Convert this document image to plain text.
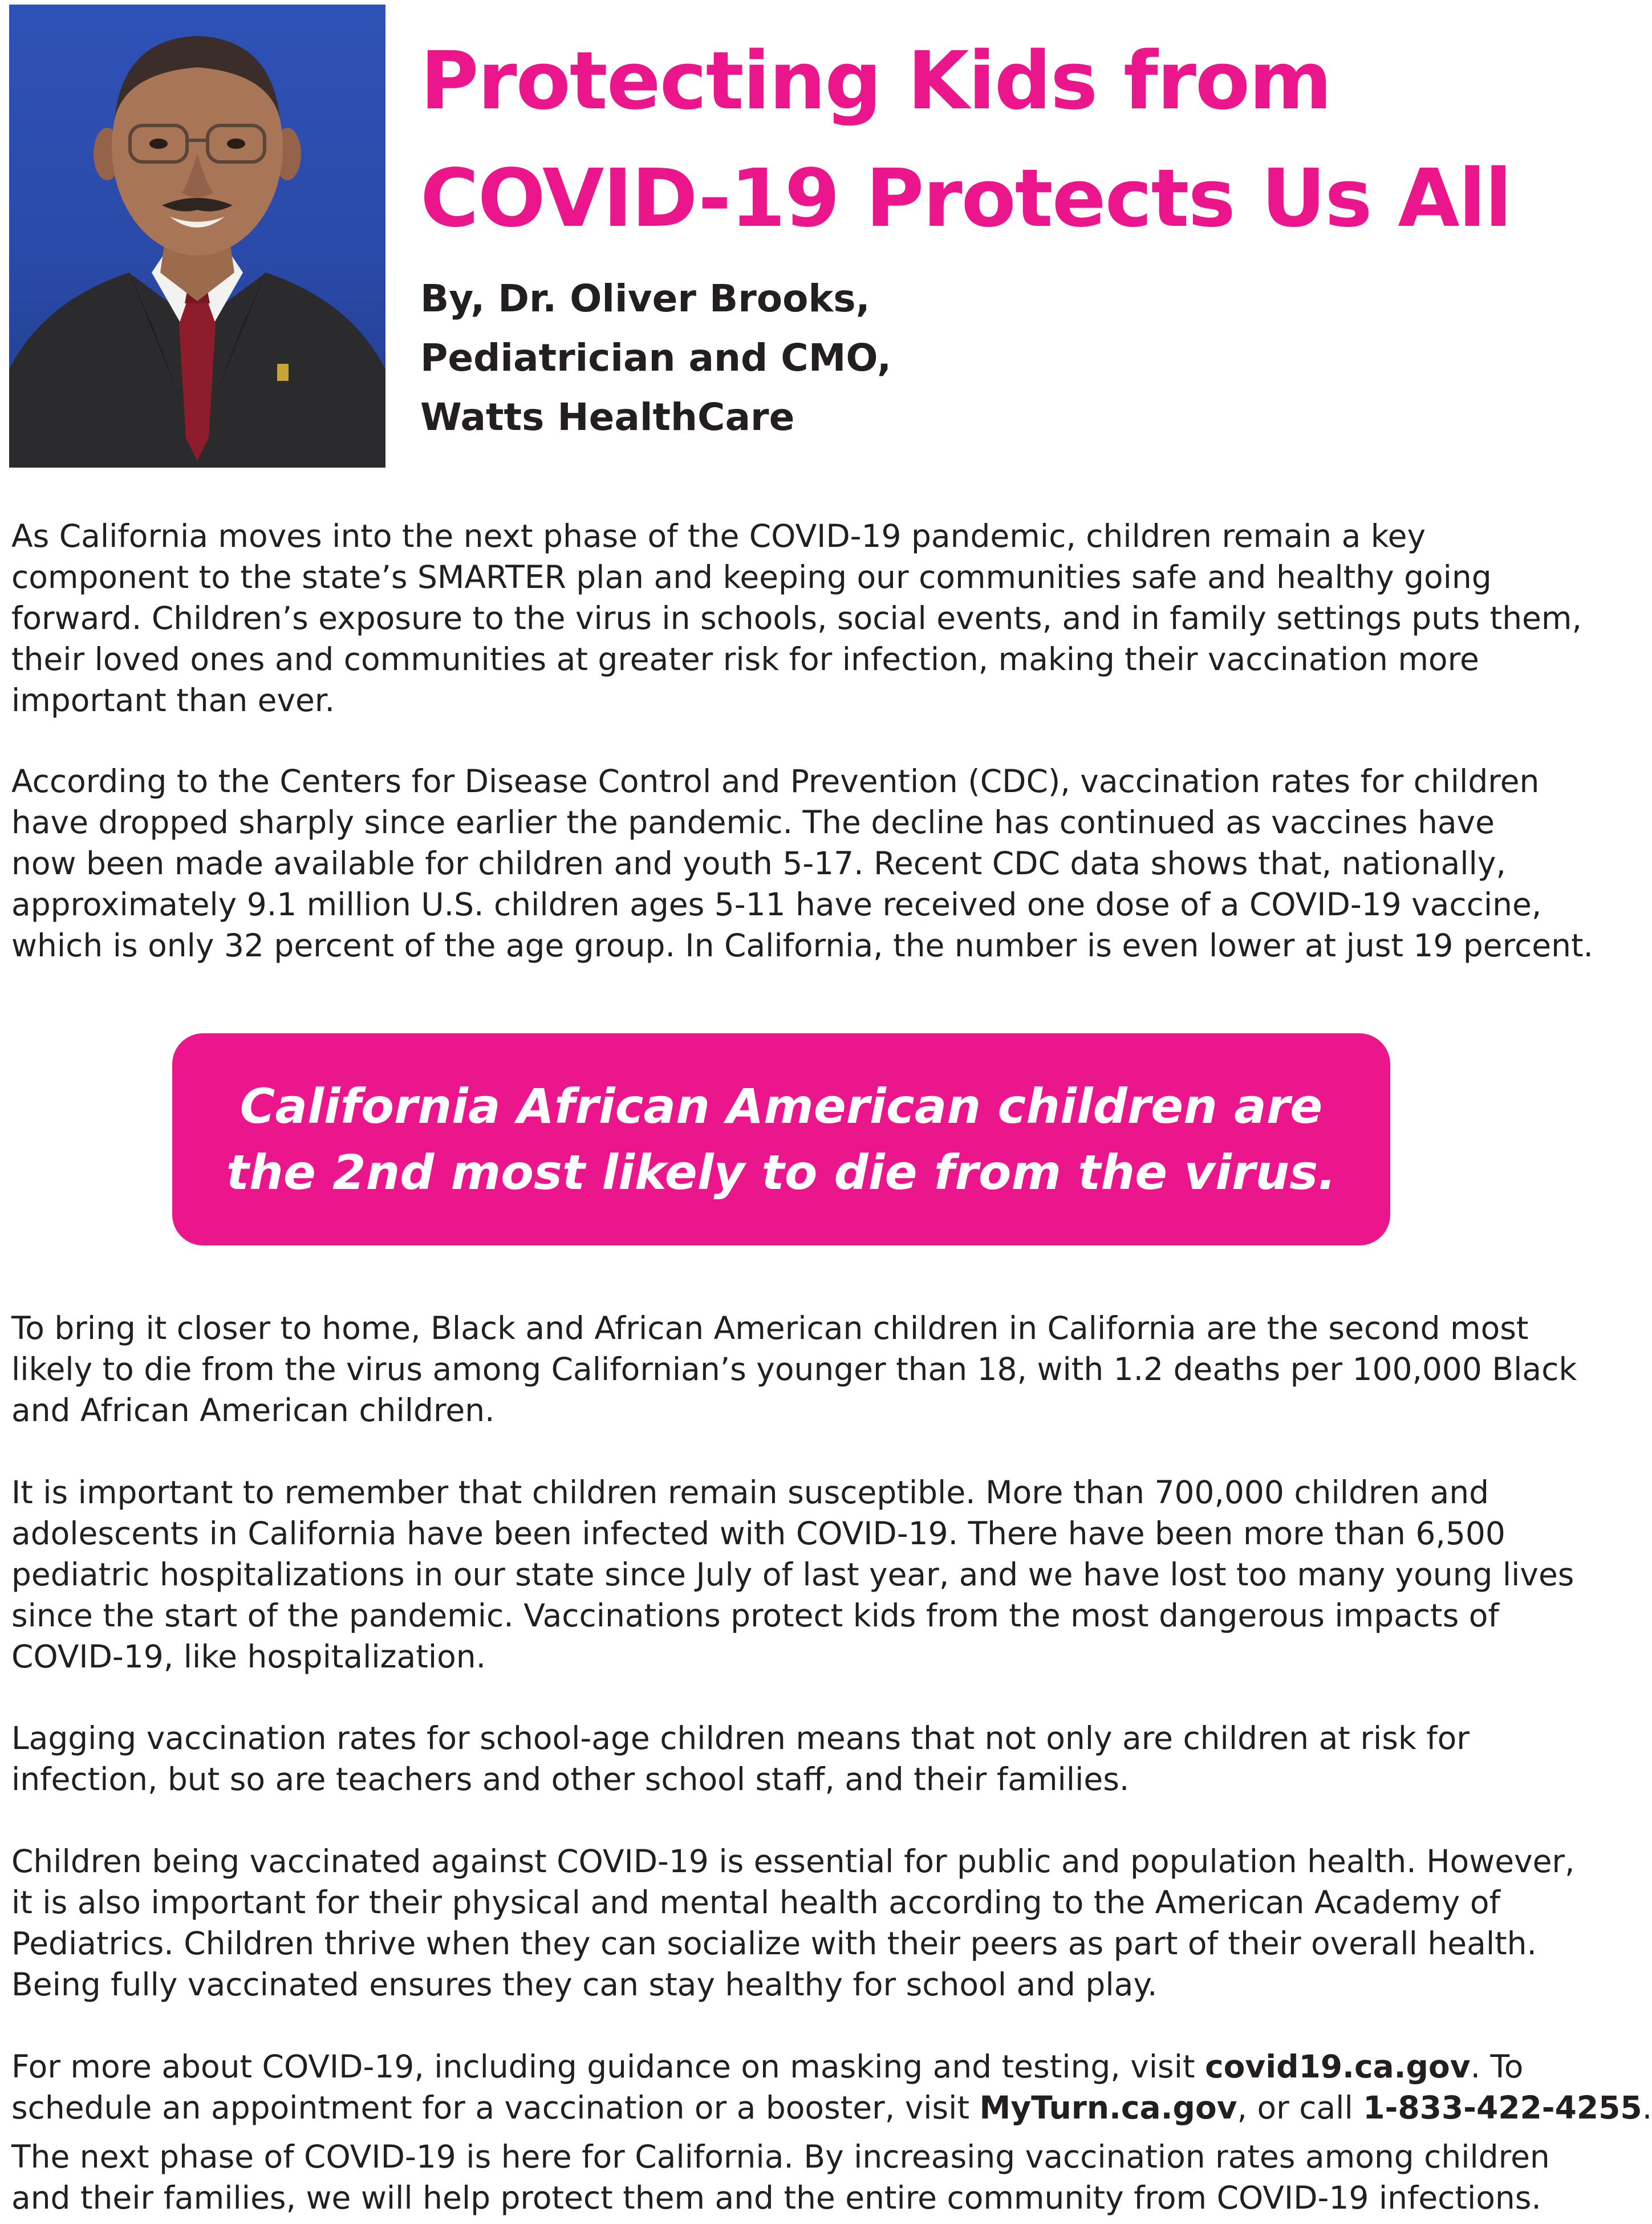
Protecting Kids from
COVID-19 Protects Us All
By, Dr. Oliver Brooks,
Pediatrician and CMO,
Watts HealthCare

As California moves into the next phase of the COVID-19 pandemic, children remain a key
component to the state’s SMARTER plan and keeping our communities safe and healthy going
forward. Children’s exposure to the virus in schools, social events, and in family settings puts them,
their loved ones and communities at greater risk for infection, making their vaccination more
important than ever.

According to the Centers for Disease Control and Prevention (CDC), vaccination rates for children
have dropped sharply since earlier the pandemic. The decline has continued as vaccines have
now been made available for children and youth 5-17. Recent CDC data shows that, nationally,
approximately 9.1 million U.S. children ages 5-11 have received one dose of a COVID-19 vaccine,
which is only 32 percent of the age group. In California, the number is even lower at just 19 percent.

California African American children are
the 2nd most likely to die from the virus.

To bring it closer to home, Black and African American children in California are the second most
likely to die from the virus among Californian’s younger than 18, with 1.2 deaths per 100,000 Black
and African American children.

It is important to remember that children remain susceptible. More than 700,000 children and
adolescents in California have been infected with COVID-19. There have been more than 6,500
pediatric hospitalizations in our state since July of last year, and we have lost too many young lives
since the start of the pandemic. Vaccinations protect kids from the most dangerous impacts of
COVID-19, like hospitalization.

Lagging vaccination rates for school-age children means that not only are children at risk for
infection, but so are teachers and other school staff, and their families.

Children being vaccinated against COVID-19 is essential for public and population health. However,
it is also important for their physical and mental health according to the American Academy of
Pediatrics. Children thrive when they can socialize with their peers as part of their overall health.
Being fully vaccinated ensures they can stay healthy for school and play.

For more about COVID-19, including guidance on masking and testing, visit covid19.ca.gov. To
schedule an appointment for a vaccination or a booster, visit MyTurn.ca.gov, or call 1-833-422-4255.

The next phase of COVID-19 is here for California. By increasing vaccination rates among children
and their families, we will help protect them and the entire community from COVID-19 infections.
